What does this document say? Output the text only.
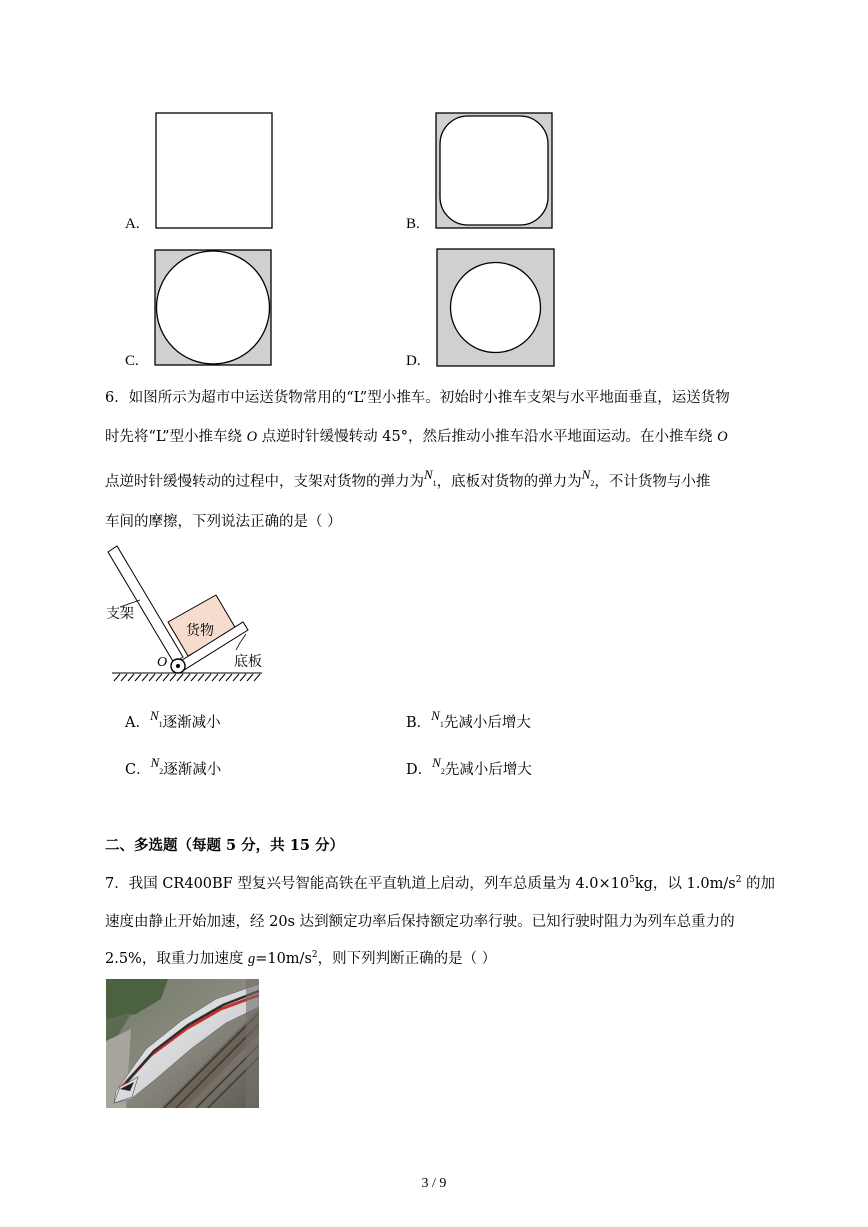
A.	B.
C.	D.
6．如图所示为超市中运送货物常用的“L”型小推车。初始时小推车支架与水平地面垂直，运送货物
时先将“L”型小推车绕 O 点逆时针缓慢转动 45°，然后推动小推车沿水平地面运动。在小推车绕 O
点逆时针缓慢转动的过程中，支架对货物的弹力为N1，底板对货物的弹力为N2，不计货物与小推
车间的摩擦，下列说法正确的是（ ）
支架
货物
底板
O
A．N1逐渐减小	B．N1先减小后增大
C．N2逐渐减小	D．N2先减小后增大
二、多选题（每题 5 分，共 15 分）
7．我国 CR400BF 型复兴号智能高铁在平直轨道上启动，列车总质量为 $4.0\times 10^5kg$，以 $1.0m/s^2$ 的加
速度由静止开始加速，经 20s 达到额定功率后保持额定功率行驶。已知行驶时阻力为列车总重力的
2.5%，取重力加速度 $g=10m/s^2$，则下列判断正确的是（ ）
3 / 9
